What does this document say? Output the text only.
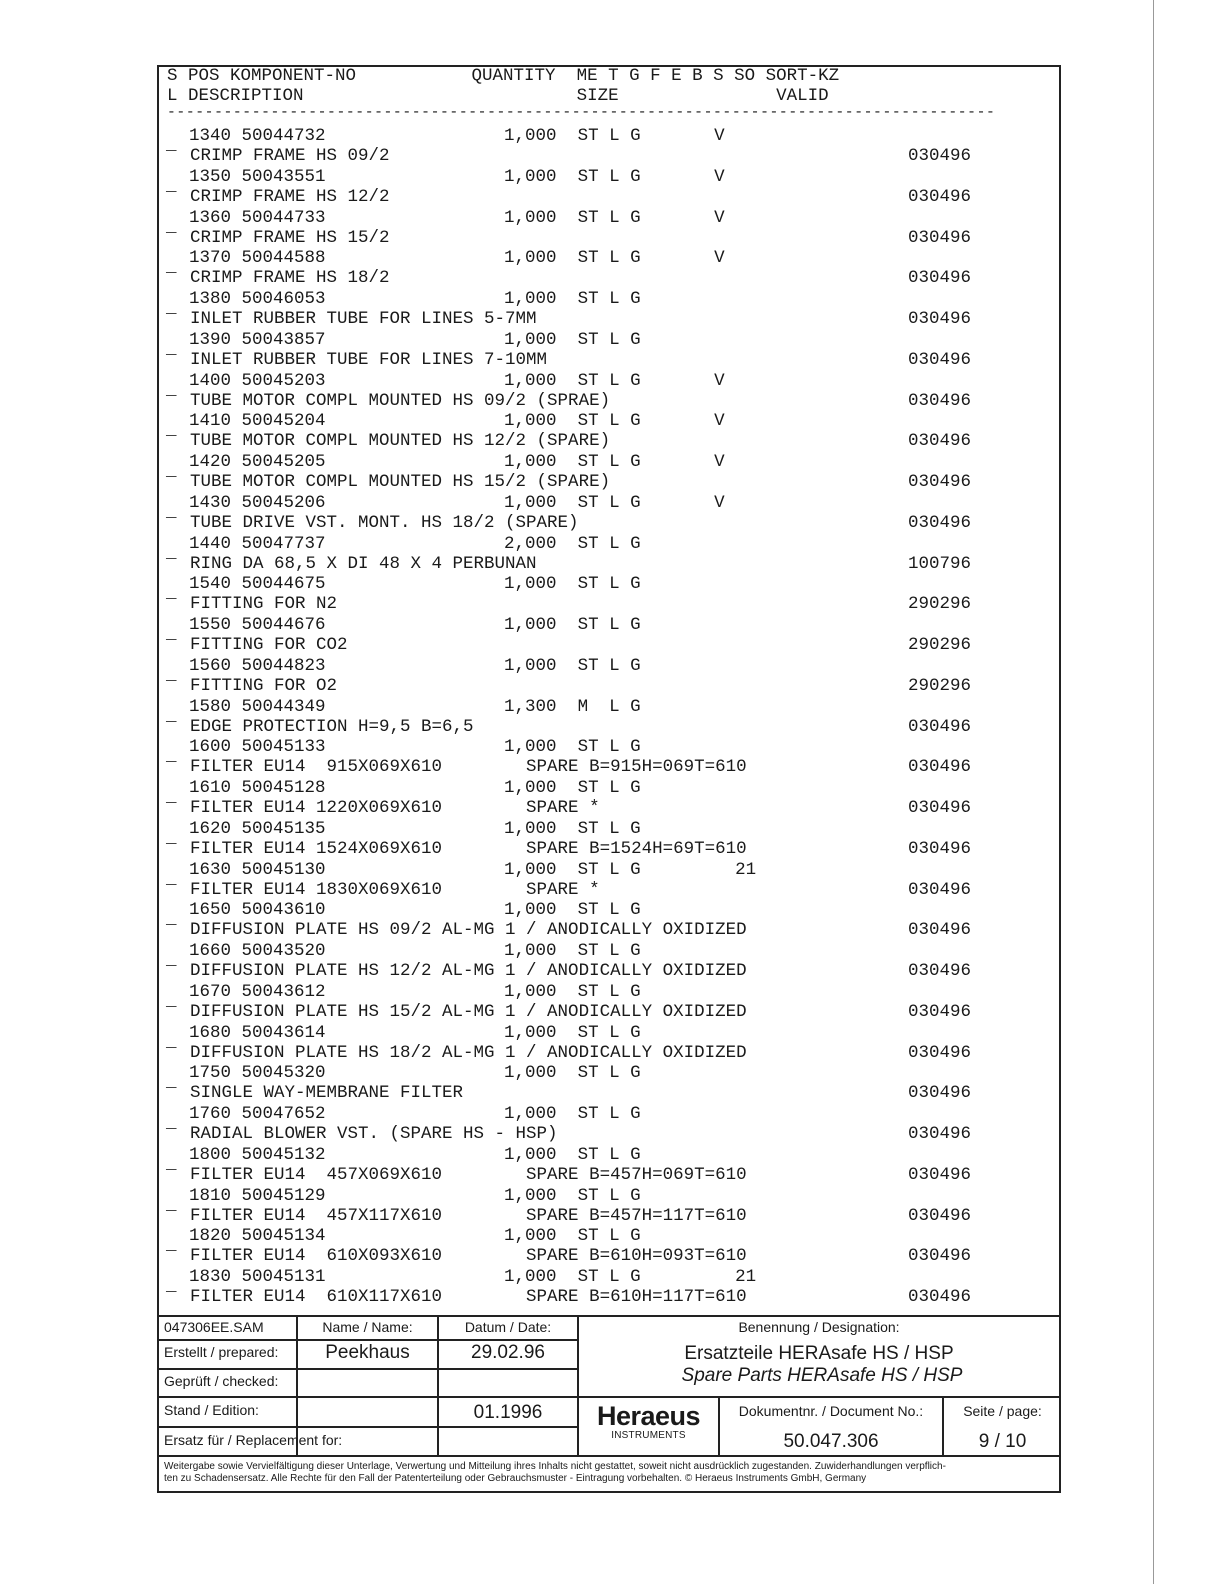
S POS KOMPONENT-NO           QUANTITY  ME T G F E B S SO SORT-KZ
L DESCRIPTION                          SIZE               VALID
----------------------------------------------------------------------------------------
_ 1340 50044732                 1,000  ST L G       V
CRIMP FRAME HS 09/2	030496
_ 1350 50043551                 1,000  ST L G       V
CRIMP FRAME HS 12/2	030496
_ 1360 50044733                 1,000  ST L G       V
CRIMP FRAME HS 15/2	030496
_ 1370 50044588                 1,000  ST L G       V
CRIMP FRAME HS 18/2	030496
_ 1380 50046053                 1,000  ST L G
INLET RUBBER TUBE FOR LINES 5-7MM	030496
_ 1390 50043857                 1,000  ST L G
INLET RUBBER TUBE FOR LINES 7-10MM	030496
_ 1400 50045203                 1,000  ST L G       V
TUBE MOTOR COMPL MOUNTED HS 09/2 (SPRAE)	030496
_ 1410 50045204                 1,000  ST L G       V
TUBE MOTOR COMPL MOUNTED HS 12/2 (SPARE)	030496
_ 1420 50045205                 1,000  ST L G       V
TUBE MOTOR COMPL MOUNTED HS 15/2 (SPARE)	030496
_ 1430 50045206                 1,000  ST L G       V
TUBE DRIVE VST. MONT. HS 18/2 (SPARE)	030496
_ 1440 50047737                 2,000  ST L G
RING DA 68,5 X DI 48 X 4 PERBUNAN	100796
_ 1540 50044675                 1,000  ST L G
FITTING FOR N2	290296
_ 1550 50044676                 1,000  ST L G
FITTING FOR CO2	290296
_ 1560 50044823                 1,000  ST L G
FITTING FOR O2	290296
_ 1580 50044349                 1,300  M  L G
EDGE PROTECTION H=9,5 B=6,5	030496
_ 1600 50045133                 1,000  ST L G
FILTER EU14  915X069X610        SPARE B=915H=069T=610	030496
_ 1610 50045128                 1,000  ST L G
FILTER EU14 1220X069X610        SPARE *	030496
_ 1620 50045135                 1,000  ST L G
FILTER EU14 1524X069X610        SPARE B=1524H=69T=610	030496
_ 1630 50045130                 1,000  ST L G         21
FILTER EU14 1830X069X610        SPARE *	030496
_ 1650 50043610                 1,000  ST L G
DIFFUSION PLATE HS 09/2 AL-MG 1 / ANODICALLY OXIDIZED	030496
_ 1660 50043520                 1,000  ST L G
DIFFUSION PLATE HS 12/2 AL-MG 1 / ANODICALLY OXIDIZED	030496
_ 1670 50043612                 1,000  ST L G
DIFFUSION PLATE HS 15/2 AL-MG 1 / ANODICALLY OXIDIZED	030496
_ 1680 50043614                 1,000  ST L G
DIFFUSION PLATE HS 18/2 AL-MG 1 / ANODICALLY OXIDIZED	030496
_ 1750 50045320                 1,000  ST L G
SINGLE WAY-MEMBRANE FILTER	030496
_ 1760 50047652                 1,000  ST L G
RADIAL BLOWER VST. (SPARE HS - HSP)	030496
_ 1800 50045132                 1,000  ST L G
FILTER EU14  457X069X610        SPARE B=457H=069T=610	030496
_ 1810 50045129                 1,000  ST L G
FILTER EU14  457X117X610        SPARE B=457H=117T=610	030496
_ 1820 50045134                 1,000  ST L G
FILTER EU14  610X093X610        SPARE B=610H=093T=610	030496
_ 1830 50045131                 1,000  ST L G         21
FILTER EU14  610X117X610        SPARE B=610H=117T=610	030496
047306EE.SAM	Name / Name:	Datum / Date:	Benennung / Designation:
Erstellt / prepared:	Peekhaus	29.02.96
Geprüft / checked:
Ersatzteile HERAsafe HS / HSP
Spare Parts HERAsafe HS / HSP
Stand / Edition:	01.1996
Ersatz für / Replacement for:
Heraeus
INSTRUMENTS
Dokumentnr. / Document No.:
50.047.306
Seite / page:
9 / 10
Weitergabe sowie Vervielfältigung dieser Unterlage, Verwertung und Mitteilung ihres Inhalts nicht gestattet, soweit nicht ausdrücklich zugestanden. Zuwiderhandlungen verpflich-
ten zu Schadensersatz. Alle Rechte für den Fall der Patenterteilung oder Gebrauchsmuster - Eintragung vorbehalten. © Heraeus Instruments GmbH, Germany
